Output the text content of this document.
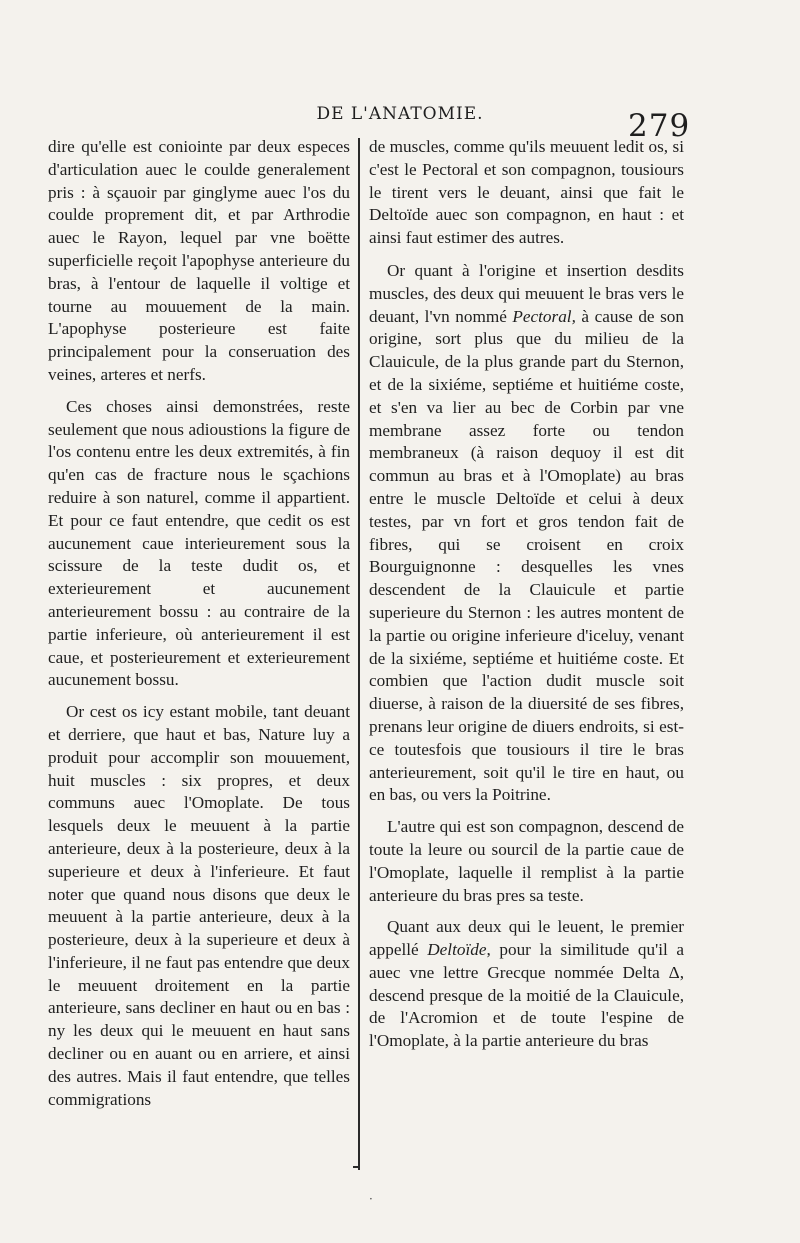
DE L'ANATOMIE.	279

dire qu'elle est coniointe par deux especes d'articulation auec le coulde generalement pris : à sçauoir par ginglyme auec l'os du coulde proprement dit, et par Arthrodie auec le Rayon, lequel par vne boëtte superficielle reçoit l'apophyse anterieure du bras, à l'entour de laquelle il voltige et tourne au mouuement de la main. L'apophyse posterieure est faite principalement pour la conseruation des veines, arteres et nerfs.

Ces choses ainsi demonstrées, reste seulement que nous adioustions la figure de l'os contenu entre les deux extremités, à fin qu'en cas de fracture nous le sçachions reduire à son naturel, comme il appartient. Et pour ce faut entendre, que cedit os est aucunement caue interieurement sous la scissure de la teste dudit os, et exterieurement et aucunement anterieurement bossu : au contraire de la partie inferieure, où anterieurement il est caue, et posterieurement et exterieurement aucunement bossu.

Or cest os icy estant mobile, tant deuant et derriere, que haut et bas, Nature luy a produit pour accomplir son mouuement, huit muscles : six propres, et deux communs auec l'Omoplate. De tous lesquels deux le meuuent à la partie anterieure, deux à la posterieure, deux à la superieure et deux à l'inferieure. Et faut noter que quand nous disons que deux le meuuent à la partie anterieure, deux à la posterieure, deux à la superieure et deux à l'inferieure, il ne faut pas entendre que deux le meuuent droitement en la partie anterieure, sans decliner en haut ou en bas : ny les deux qui le meuuent en haut sans decliner ou en auant ou en arriere, et ainsi des autres. Mais il faut entendre, que telles commigrations

de muscles, comme qu'ils meuuent ledit os, si c'est le Pectoral et son compagnon, tousiours le tirent vers le deuant, ainsi que fait le Deltoïde auec son compagnon, en haut : et ainsi faut estimer des autres.

Or quant à l'origine et insertion desdits muscles, des deux qui meuuent le bras vers le deuant, l'vn nommé Pectoral, à cause de son origine, sort plus que du milieu de la Clauicule, de la plus grande part du Sternon, et de la sixiéme, septiéme et huitiéme coste, et s'en va lier au bec de Corbin par vne membrane assez forte ou tendon membraneux (à raison dequoy il est dit commun au bras et à l'Omoplate) au bras entre le muscle Deltoïde et celui à deux testes, par vn fort et gros tendon fait de fibres, qui se croisent en croix Bourguignonne : desquelles les vnes descendent de la Clauicule et partie superieure du Sternon : les autres montent de la partie ou origine inferieure d'iceluy, venant de la sixiéme, septiéme et huitiéme coste. Et combien que l'action dudit muscle soit diuerse, à raison de la diuersité de ses fibres, prenans leur origine de diuers endroits, si est-ce toutesfois que tousiours il tire le bras anterieurement, soit qu'il le tire en haut, ou en bas, ou vers la Poitrine.

L'autre qui est son compagnon, descend de toute la leure ou sourcil de la partie caue de l'Omoplate, laquelle il remplist à la partie anterieure du bras pres sa teste.

Quant aux deux qui le leuent, le premier appellé Deltoïde, pour la similitude qu'il a auec vne lettre Grecque nommée Delta Δ, descend presque de la moitié de la Clauicule, de l'Acromion et de toute l'espine de l'Omoplate, à la partie anterieure du bras

·
